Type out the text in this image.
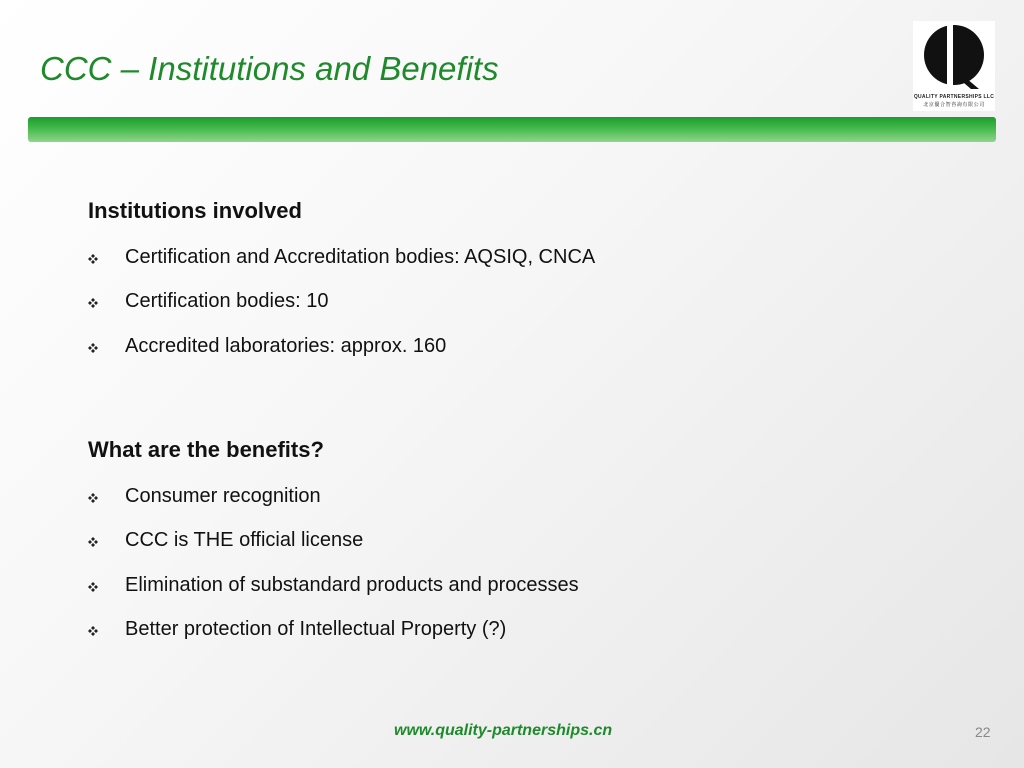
CCC – Institutions and Benefits
QUALITY PARTNERSHIPS LLC
北京優合智咨詢有限公司
Institutions involved
Certification and Accreditation bodies: AQSIQ, CNCA
Certification bodies: 10
Accredited laboratories: approx. 160
What are the benefits?
Consumer recognition
CCC is THE official license
Elimination of substandard products and processes
Better protection of Intellectual Property (?)
www.quality-partnerships.cn	22
